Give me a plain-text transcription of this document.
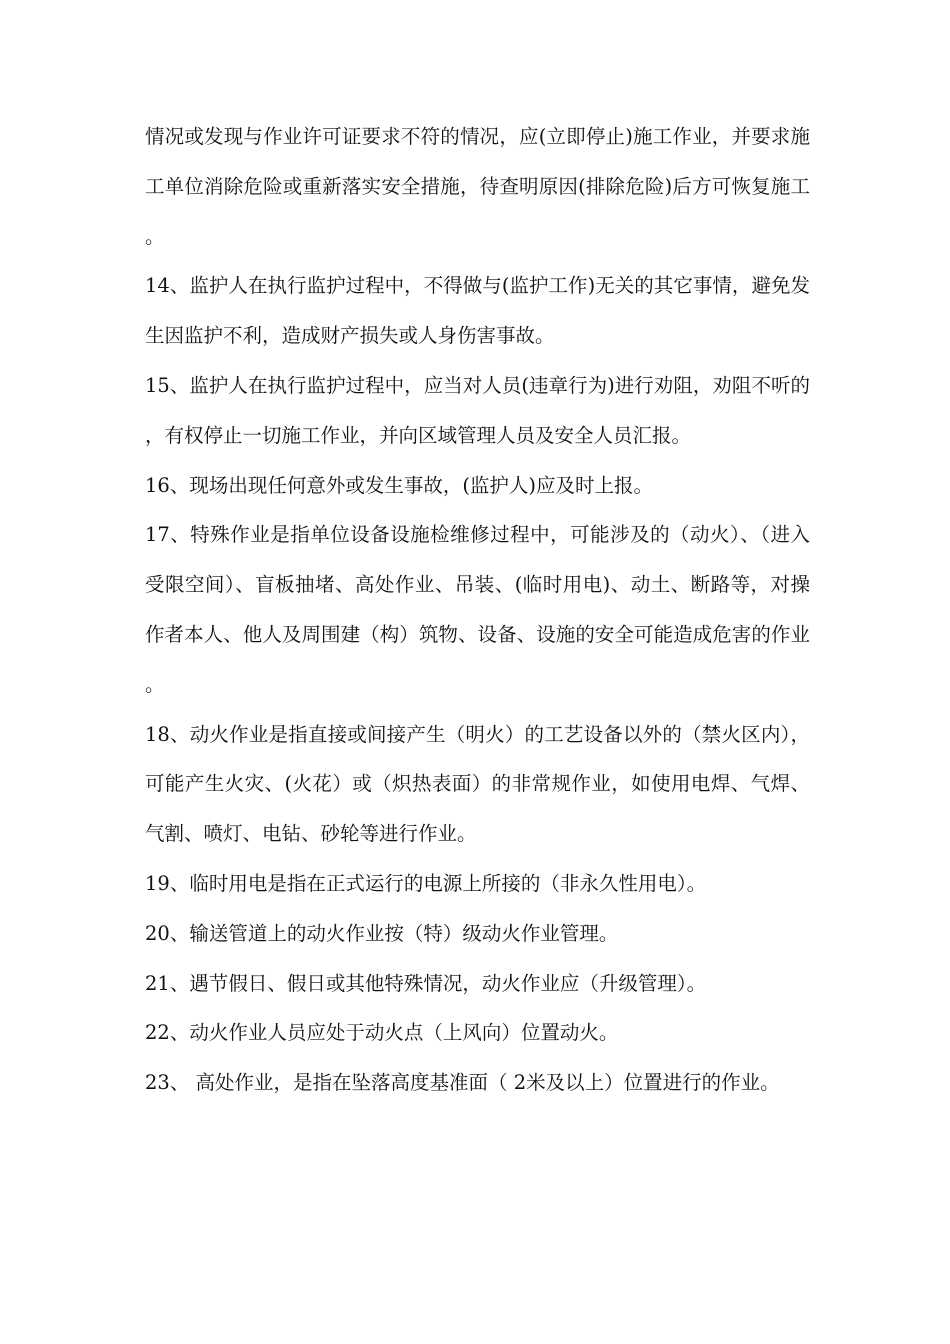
情况或发现与作业许可证要求不符的情况，应(立即停止)施工作业，并要求施工单位消除危险或重新落实安全措施，待查明原因(排除危险)后方可恢复施工。

14、监护人在执行监护过程中，不得做与(监护工作)无关的其它事情，避免发生因监护不利，造成财产损失或人身伤害事故。

15、监护人在执行监护过程中，应当对人员(违章行为)进行劝阻，劝阻不听的，有权停止一切施工作业，并向区域管理人员及安全人员汇报。

16、现场出现任何意外或发生事故，(监护人)应及时上报。

17、特殊作业是指单位设备设施检维修过程中，可能涉及的（动火）、（进入受限空间）、盲板抽堵、高处作业、吊装、(临时用电)、动土、断路等，对操作者本人、他人及周围建（构）筑物、设备、设施的安全可能造成危害的作业。

18、动火作业是指直接或间接产生（明火）的工艺设备以外的（禁火区内），可能产生火灾、(火花）或（炽热表面）的非常规作业，如使用电焊、气焊、气割、喷灯、电钻、砂轮等进行作业。

19、临时用电是指在正式运行的电源上所接的（非永久性用电）。

20、输送管道上的动火作业按（特）级动火作业管理。

21、遇节假日、假日或其他特殊情况，动火作业应（升级管理）。

22、动火作业人员应处于动火点（上风向）位置动火。

23、 高处作业，是指在坠落高度基准面（ 2米及以上）位置进行的作业。
